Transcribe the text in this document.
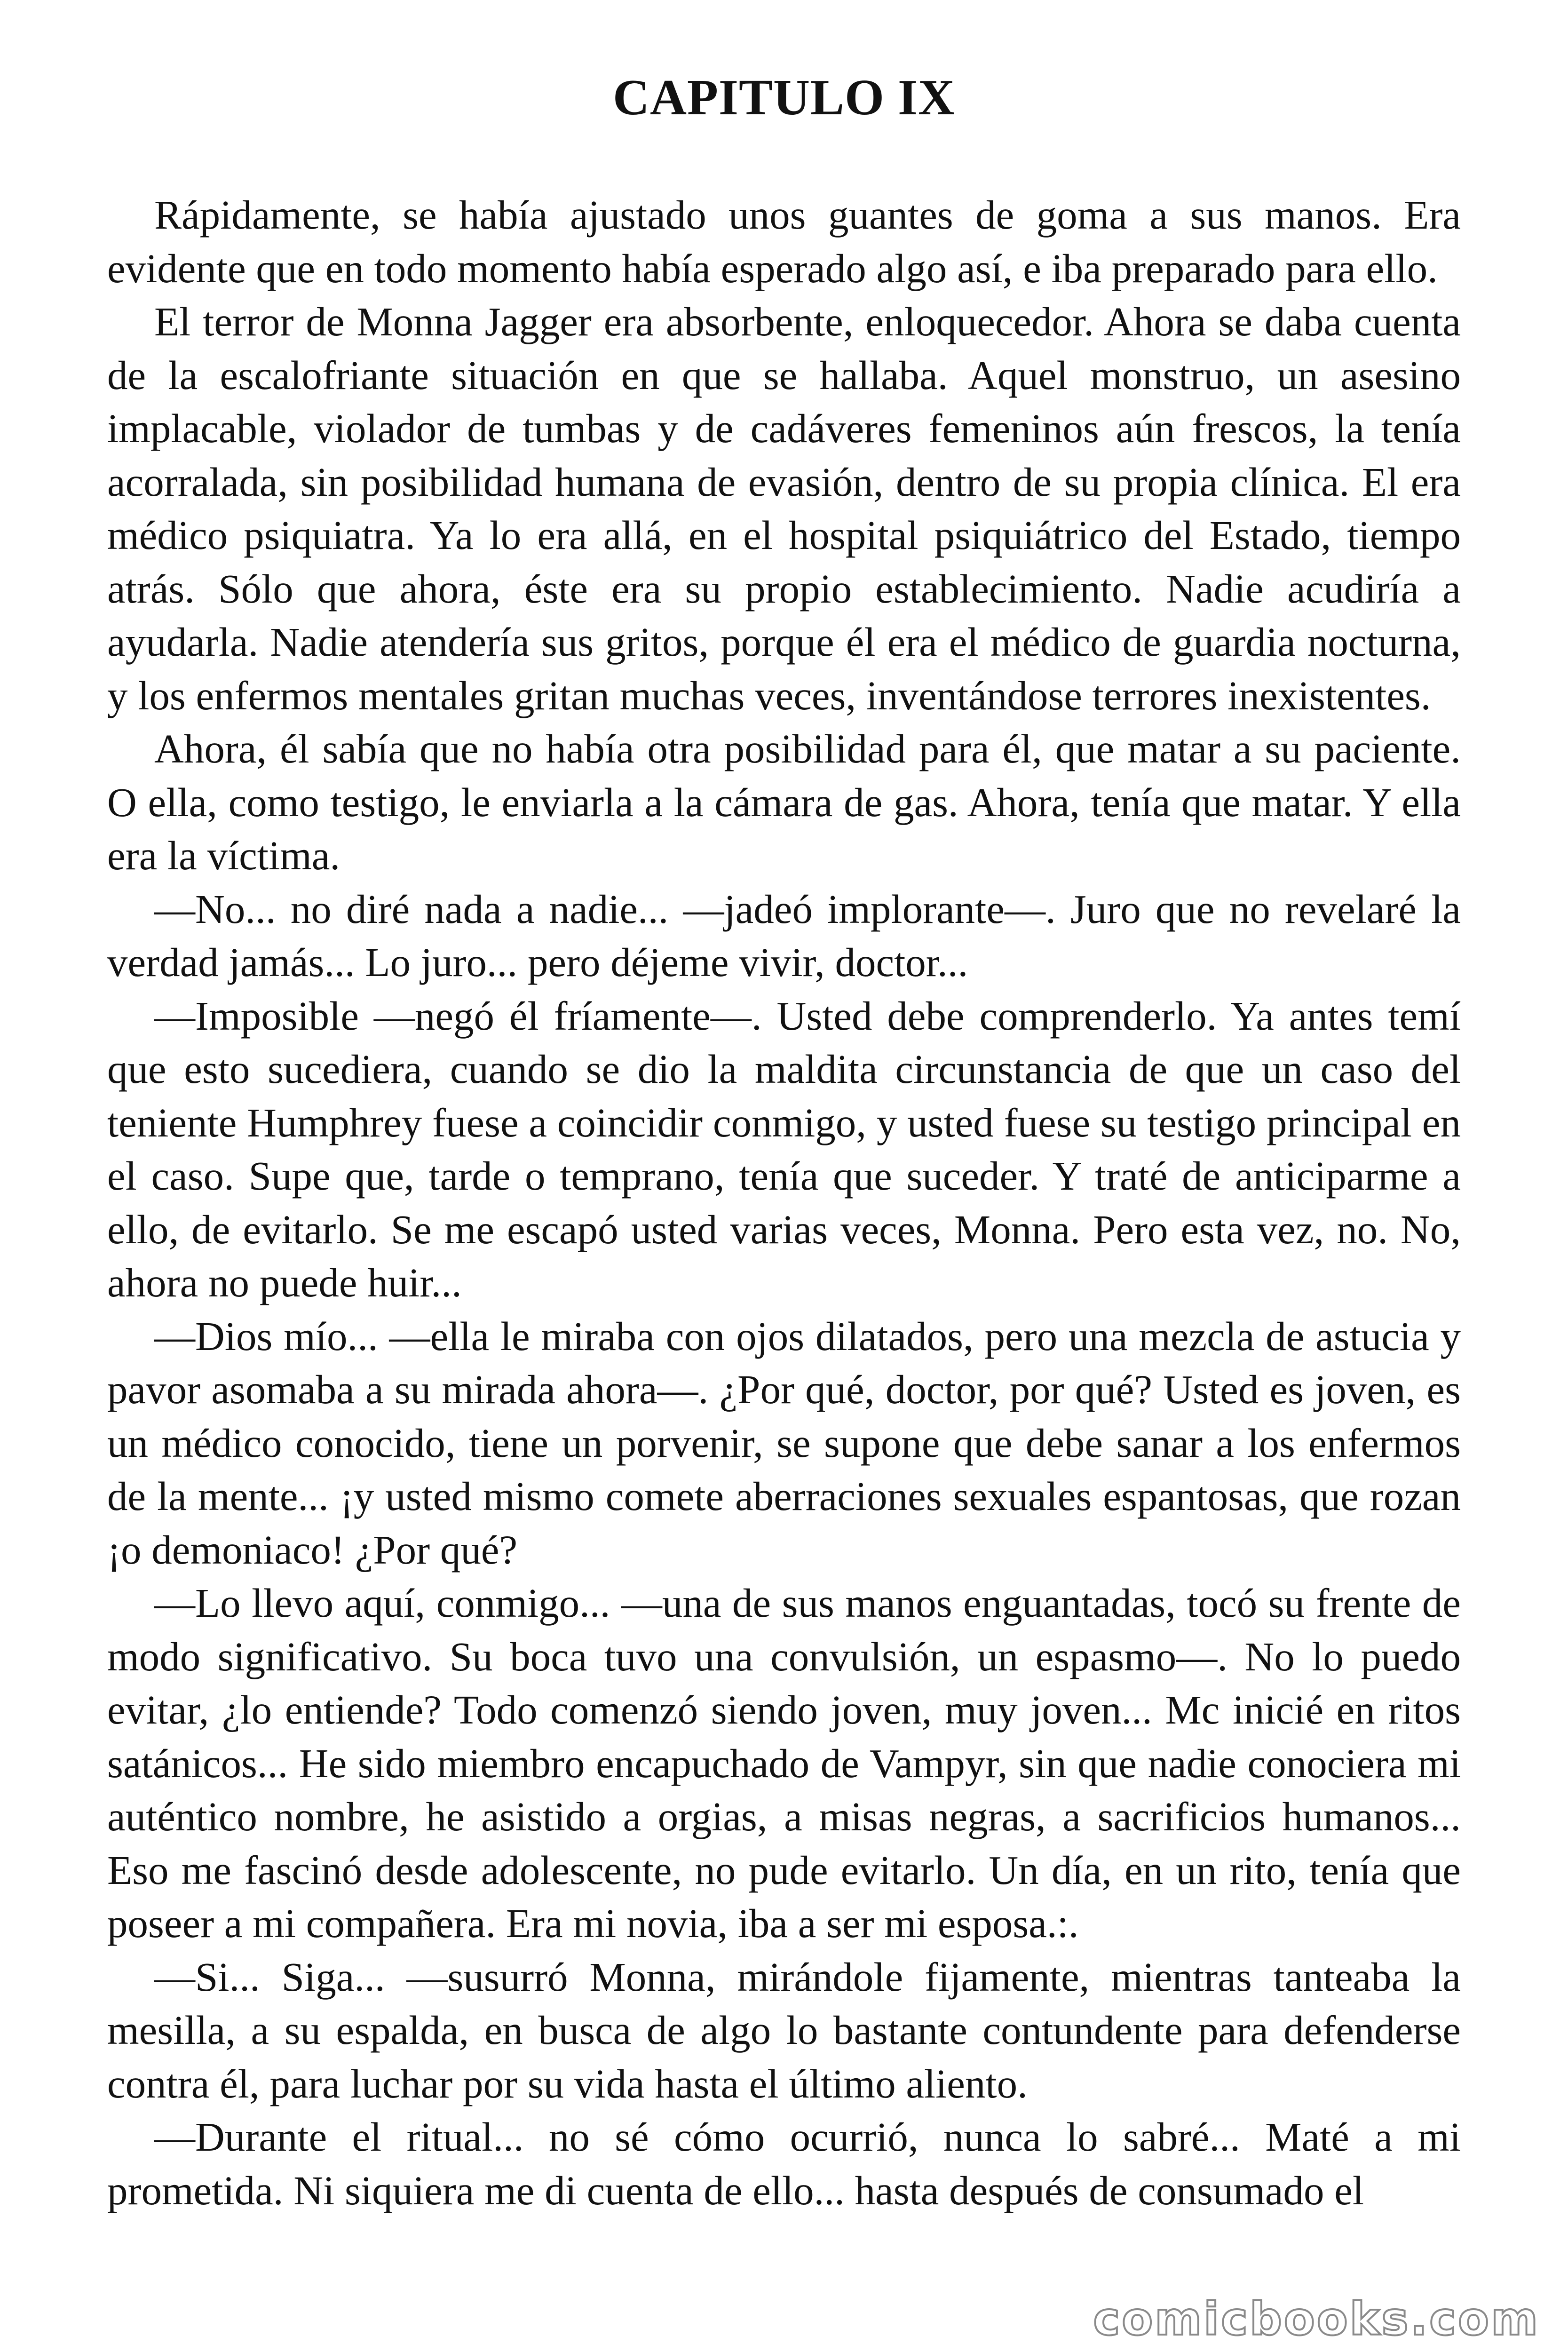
CAPITULO IX

Rápidamente, se había ajustado unos guantes de goma a sus manos. Era evidente que en todo momento había esperado algo así, e iba preparado para ello.

El terror de Monna Jagger era absorbente, enloquecedor. Ahora se daba cuenta de la escalofriante situación en que se hallaba. Aquel monstruo, un asesino implacable, violador de tumbas y de cadáveres femeninos aún frescos, la tenía acorralada, sin posibilidad humana de evasión, dentro de su propia clínica. El era médico psiquiatra. Ya lo era allá, en el hospital psiquiátrico del Estado, tiempo atrás. Sólo que ahora, éste era su propio establecimiento. Nadie acudiría a ayudarla. Nadie atendería sus gritos, porque él era el médico de guardia nocturna, y los enfermos mentales gritan muchas veces, inventándose terrores inexistentes.

Ahora, él sabía que no había otra posibilidad para él, que matar a su paciente. O ella, como testigo, le enviarla a la cámara de gas. Ahora, tenía que matar. Y ella era la víctima.

—No... no diré nada a nadie... —jadeó implorante—. Juro que no revelaré la verdad jamás... Lo juro... pero déjeme vivir, doctor...

—Imposible —negó él fríamente—. Usted debe comprenderlo. Ya antes temí que esto sucediera, cuando se dio la maldita circunstancia de que un caso del teniente Humphrey fuese a coincidir conmigo, y usted fuese su testigo principal en el caso. Supe que, tarde o temprano, tenía que suceder. Y traté de anticiparme a ello, de evitarlo. Se me escapó usted varias veces, Monna. Pero esta vez, no. No, ahora no puede huir...

—Dios mío... —ella le miraba con ojos dilatados, pero una mezcla de astucia y pavor asomaba a su mirada ahora—. ¿Por qué, doctor, por qué? Usted es joven, es un médico conocido, tiene un porvenir, se supone que debe sanar a los enfermos de la mente... ¡y usted mismo comete aberraciones sexuales espantosas, que rozan ¡o demoniaco! ¿Por qué?

—Lo llevo aquí, conmigo... —una de sus manos enguantadas, tocó su frente de modo significativo. Su boca tuvo una convulsión, un espasmo—. No lo puedo evitar, ¿lo entiende? Todo comenzó siendo joven, muy joven... Mc inicié en ritos satánicos... He sido miembro encapuchado de Vampyr, sin que nadie conociera mi auténtico nombre, he asistido a orgias, a misas negras, a sacrificios humanos... Eso me fascinó desde adolescente, no pude evitarlo. Un día, en un rito, tenía que poseer a mi compañera. Era mi novia, iba a ser mi esposa.:.

—Si... Siga... —susurró Monna, mirándole fijamente, mientras tanteaba la mesilla, a su espalda, en busca de algo lo bastante contundente para defenderse contra él, para luchar por su vida hasta el último aliento.

—Durante el ritual... no sé cómo ocurrió, nunca lo sabré... Maté a mi prometida. Ni siquiera me di cuenta de ello... hasta después de consumado el

comicbooks.com
